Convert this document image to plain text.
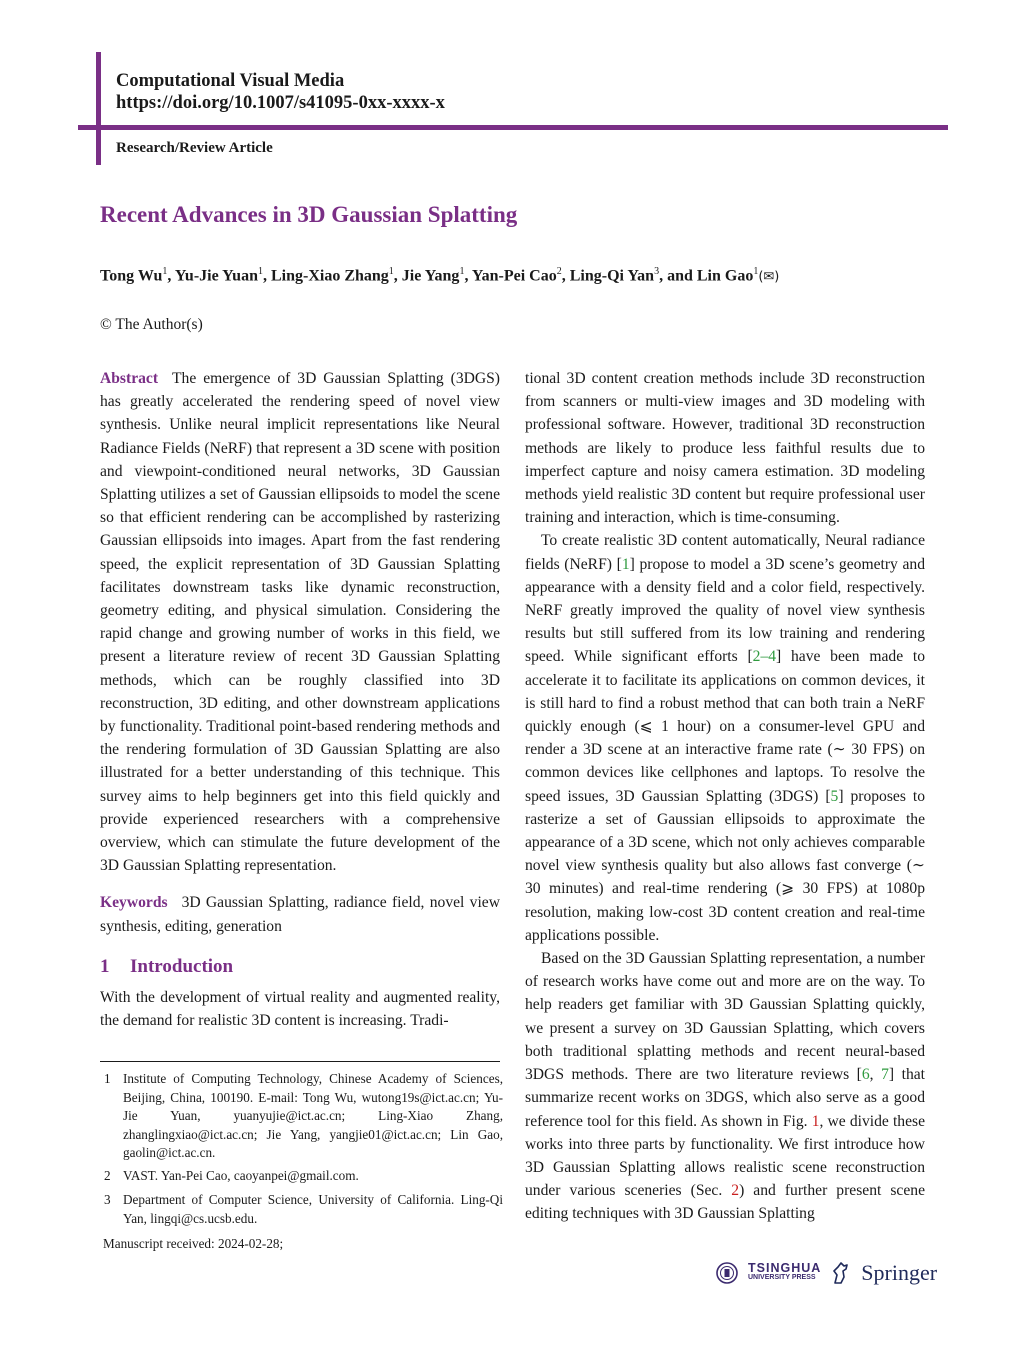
Computational Visual Media
https://doi.org/10.1007/s41095-0xx-xxxx-x
Research/Review Article
Recent Advances in 3D Gaussian Splatting
Tong Wu$^1$, Yu-Jie Yuan$^1$, Ling-Xiao Zhang$^1$, Jie Yang$^1$, Yan-Pei Cao$^2$, Ling-Qi Yan$^3$, and Lin Gao$^1$(✉)
© The Author(s)

Abstract The emergence of 3D Gaussian Splatting (3DGS) has greatly accelerated the rendering speed of novel view synthesis. Unlike neural implicit representations like Neural Radiance Fields (NeRF) that represent a 3D scene with position and viewpoint-conditioned neural networks, 3D Gaussian Splatting utilizes a set of Gaussian ellipsoids to model the scene so that efficient rendering can be accomplished by rasterizing Gaussian ellipsoids into images. Apart from the fast rendering speed, the explicit representation of 3D Gaussian Splatting facilitates downstream tasks like dynamic reconstruction, geometry editing, and physical simulation. Considering the rapid change and growing number of works in this field, we present a literature review of recent 3D Gaussian Splatting methods, which can be roughly classified into 3D reconstruction, 3D editing, and other downstream applications by functionality. Traditional point-based rendering methods and the rendering formulation of 3D Gaussian Splatting are also illustrated for a better understanding of this technique. This survey aims to help beginners get into this field quickly and provide experienced researchers with a comprehensive overview, which can stimulate the future development of the 3D Gaussian Splatting representation.

Keywords 3D Gaussian Splatting, radiance field, novel view synthesis, editing, generation

1 Introduction

With the development of virtual reality and augmented reality, the demand for realistic 3D content is increasing. Tradi-

1 Institute of Computing Technology, Chinese Academy of Sciences, Beijing, China, 100190. E-mail: Tong Wu, wutong19s@ict.ac.cn; Yu-Jie Yuan, yuanyujie@ict.ac.cn; Ling-Xiao Zhang, zhanglingxiao@ict.ac.cn; Jie Yang, yangjie01@ict.ac.cn; Lin Gao, gaolin@ict.ac.cn.
2 VAST. Yan-Pei Cao, caoyanpei@gmail.com.
3 Department of Computer Science, University of California. Ling-Qi Yan, lingqi@cs.ucsb.edu.
Manuscript received: 2024-02-28;

tional 3D content creation methods include 3D reconstruction from scanners or multi-view images and 3D modeling with professional software. However, traditional 3D reconstruction methods are likely to produce less faithful results due to imperfect capture and noisy camera estimation. 3D modeling methods yield realistic 3D content but require professional user training and interaction, which is time-consuming.

To create realistic 3D content automatically, Neural radiance fields (NeRF) [1] propose to model a 3D scene’s geometry and appearance with a density field and a color field, respectively. NeRF greatly improved the quality of novel view synthesis results but still suffered from its low training and rendering speed. While significant efforts [2–4] have been made to accelerate it to facilitate its applications on common devices, it is still hard to find a robust method that can both train a NeRF quickly enough (⩽ 1 hour) on a consumer-level GPU and render a 3D scene at an interactive frame rate (∼ 30 FPS) on common devices like cellphones and laptops. To resolve the speed issues, 3D Gaussian Splatting (3DGS) [5] proposes to rasterize a set of Gaussian ellipsoids to approximate the appearance of a 3D scene, which not only achieves comparable novel view synthesis quality but also allows fast converge (∼ 30 minutes) and real-time rendering (⩾ 30 FPS) at 1080p resolution, making low-cost 3D content creation and real-time applications possible.

Based on the 3D Gaussian Splatting representation, a number of research works have come out and more are on the way. To help readers get familiar with 3D Gaussian Splatting quickly, we present a survey on 3D Gaussian Splatting, which covers both traditional splatting methods and recent neural-based 3DGS methods. There are two literature reviews [6, 7] that summarize recent works on 3DGS, which also serve as a good reference tool for this field. As shown in Fig. 1, we divide these works into three parts by functionality. We first introduce how 3D Gaussian Splatting allows realistic scene reconstruction under various sceneries (Sec. 2) and further present scene editing techniques with 3D Gaussian Splatting

TSINGHUA
UNIVERSITY PRESS Springer
